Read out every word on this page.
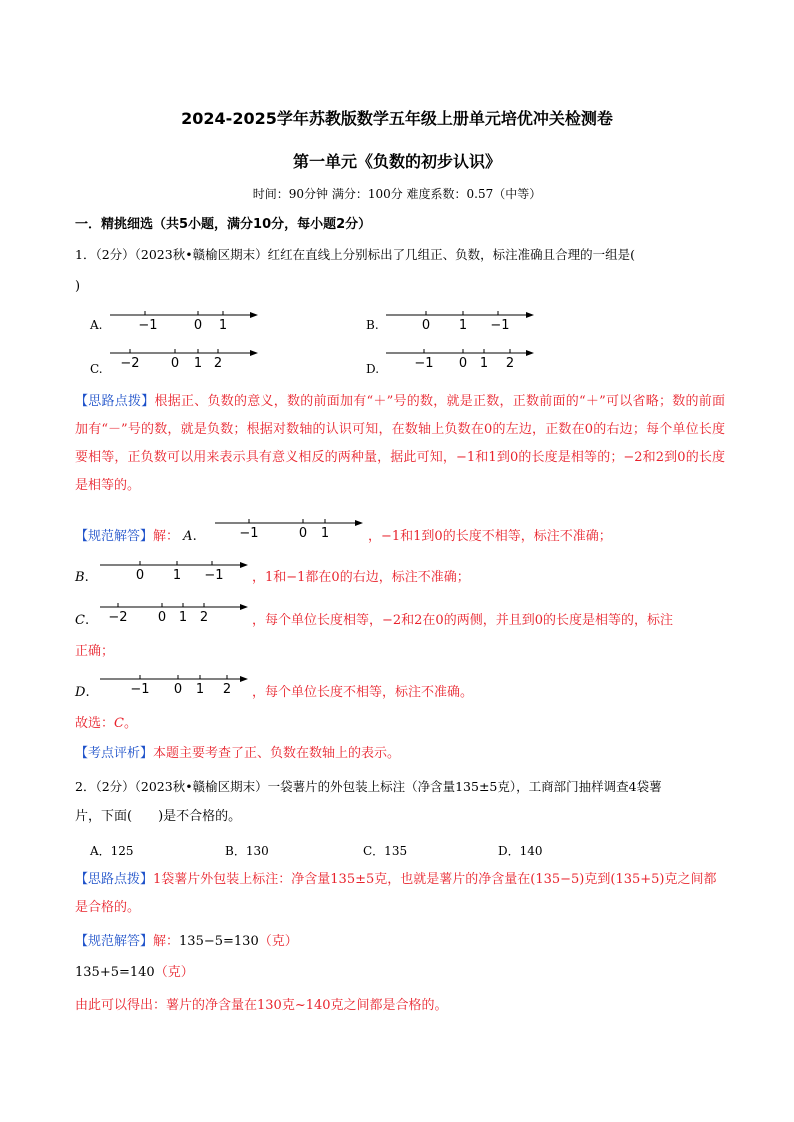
2024-2025学年苏教版数学五年级上册单元培优冲关检测卷
第一单元《负数的初步认识》
时间：90分钟 满分：100分 难度系数：0.57（中等）
一．精挑细选（共5小题，满分10分，每小题2分）
1．（2分）（2023秋•赣榆区期末）红红在直线上分别标出了几组正、负数，标注准确且合理的一组是(
)
A.	−1	0 1	B.	0 1 −1
C. −2 0 1 2	D.	−1 0 1 2
【思路点拨】根据正、负数的意义，数的前面加有“＋”号的数，就是正数，正数前面的“＋”可以省略；数的前面加有“－”号的数，就是负数；根据对数轴的认识可知，在数轴上负数在0的左边，正数在0的右边；每个单位长度要相等，正负数可以用来表示具有意义相反的两种量，据此可知，−1和1到0的长度是相等的；−2和2到0的长度是相等的。
【规范解答】解： A.	−1	0 1	，−1和1到0的长度不相等，标注不准确；
B.	0 1 −1 ，1和−1都在0的右边，标注不准确；
C. −2 0 1 2	，每个单位长度相等，−2和2在0的两侧，并且到0的长度是相等的，标注
正确；
D.	−1 0 1 2 ，每个单位长度不相等，标注不准确。
故选：C。
【考点评析】本题主要考查了正、负数在数轴上的表示。
2．（2分）（2023秋•赣榆区期末）一袋薯片的外包装上标注（净含量135±5克），工商部门抽样调查4袋薯
片，下面(　　)是不合格的。
A．125	B．130	C．135	D．140
【思路点拨】1袋薯片外包装上标注：净含量135±5克，也就是薯片的净含量在(135−5)克到(135+5)克之间都是合格的。
【规范解答】解：135−5=130（克）
135+5=140（克）
由此可以得出：薯片的净含量在130克~140克之间都是合格的。
